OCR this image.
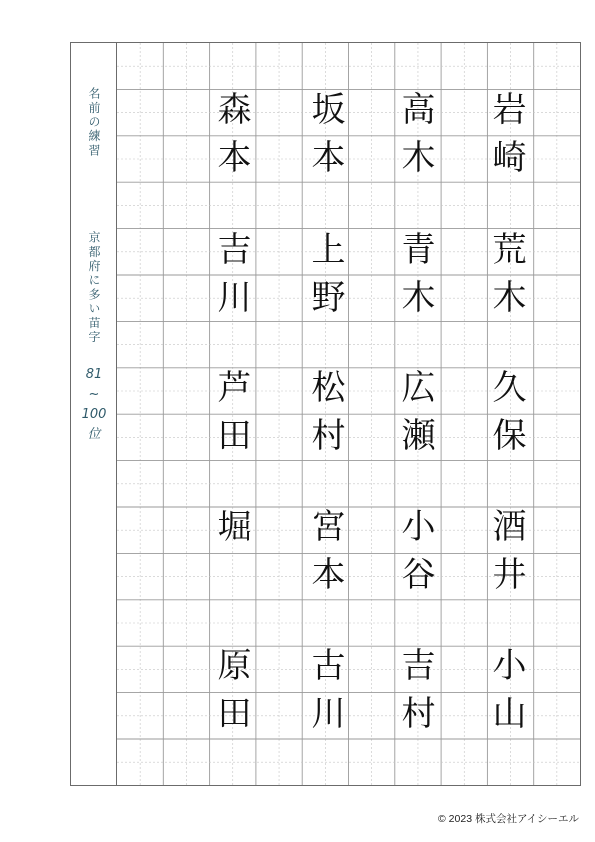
名前の練習
京都府に多い苗字
81
~
100
位
岩崎
高木
坂本
森本
荒木
青木
上野
吉川
久保
広瀬
松村
芦田
酒井
小谷
宮本
堀
小山
吉村
古川
原田
© 2023 株式会社アイシーエル
